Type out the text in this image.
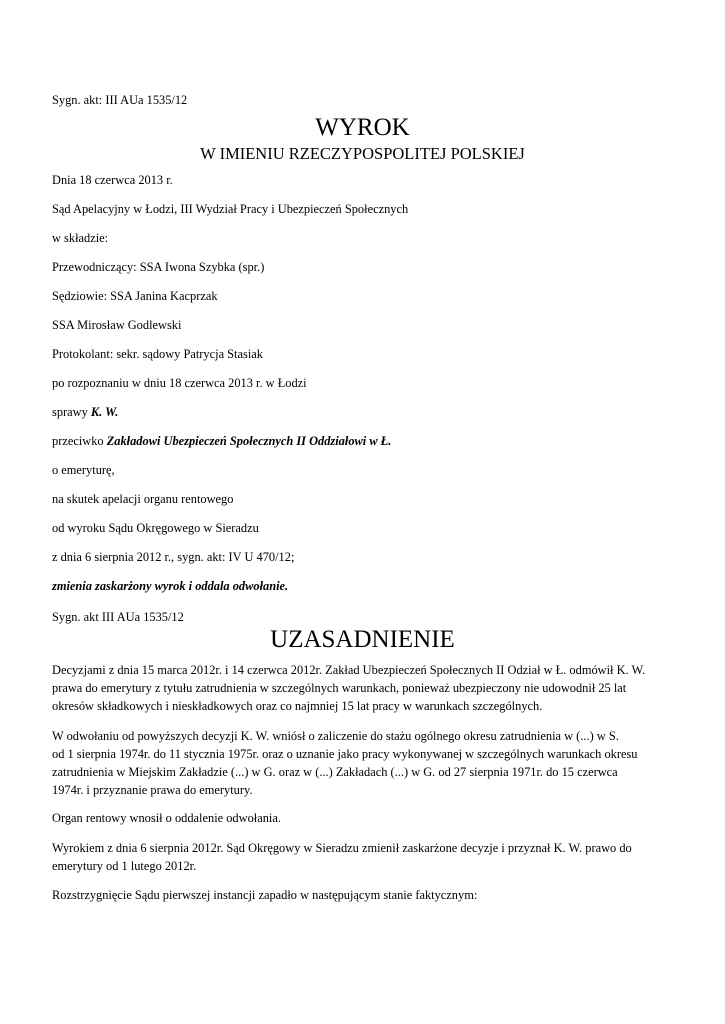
Sygn. akt: III AUa 1535/12

WYROK
W IMIENIU RZECZYPOSPOLITEJ POLSKIEJ

Dnia 18 czerwca 2013 r.

Sąd Apelacyjny w Łodzi, III Wydział Pracy i Ubezpieczeń Społecznych

w składzie:

Przewodniczący: SSA Iwona Szybka (spr.)

Sędziowie: SSA Janina Kacprzak

SSA Mirosław Godlewski

Protokolant: sekr. sądowy Patrycja Stasiak

po rozpoznaniu w dniu 18 czerwca 2013 r. w Łodzi

sprawy K. W.

przeciwko Zakładowi Ubezpieczeń Społecznych II Oddziałowi w Ł.

o emeryturę,

na skutek apelacji organu rentowego

od wyroku Sądu Okręgowego w Sieradzu

z dnia 6 sierpnia 2012 r., sygn. akt: IV U 470/12;

zmienia zaskarżony wyrok i oddala odwołanie.

Sygn. akt III AUa 1535/12

UZASADNIENIE
Decyzjami z dnia 15 marca 2012r. i 14 czerwca 2012r. Zakład Ubezpieczeń Społecznych II Odział w Ł. odmówił K. W.
prawa do emerytury z tytułu zatrudnienia w szczególnych warunkach, ponieważ ubezpieczony nie udowodnił 25 lat
okresów składkowych i nieskładkowych oraz co najmniej 15 lat pracy w warunkach szczególnych.
W odwołaniu od powyższych decyzji K. W. wniósł o zaliczenie do stażu ogólnego okresu zatrudnienia w (...) w S.
od 1 sierpnia 1974r. do 11 stycznia 1975r. oraz o uznanie jako pracy wykonywanej w szczególnych warunkach okresu
zatrudnienia w Miejskim Zakładzie (...) w G. oraz w (...) Zakładach (...) w G. od 27 sierpnia 1971r. do 15 czerwca
1974r. i przyznanie prawa do emerytury.
Organ rentowy wnosił o oddalenie odwołania.
Wyrokiem z dnia 6 sierpnia 2012r. Sąd Okręgowy w Sieradzu zmienił zaskarżone decyzje i przyznał K. W. prawo do
emerytury od 1 lutego 2012r.
Rozstrzygnięcie Sądu pierwszej instancji zapadło w następującym stanie faktycznym:
